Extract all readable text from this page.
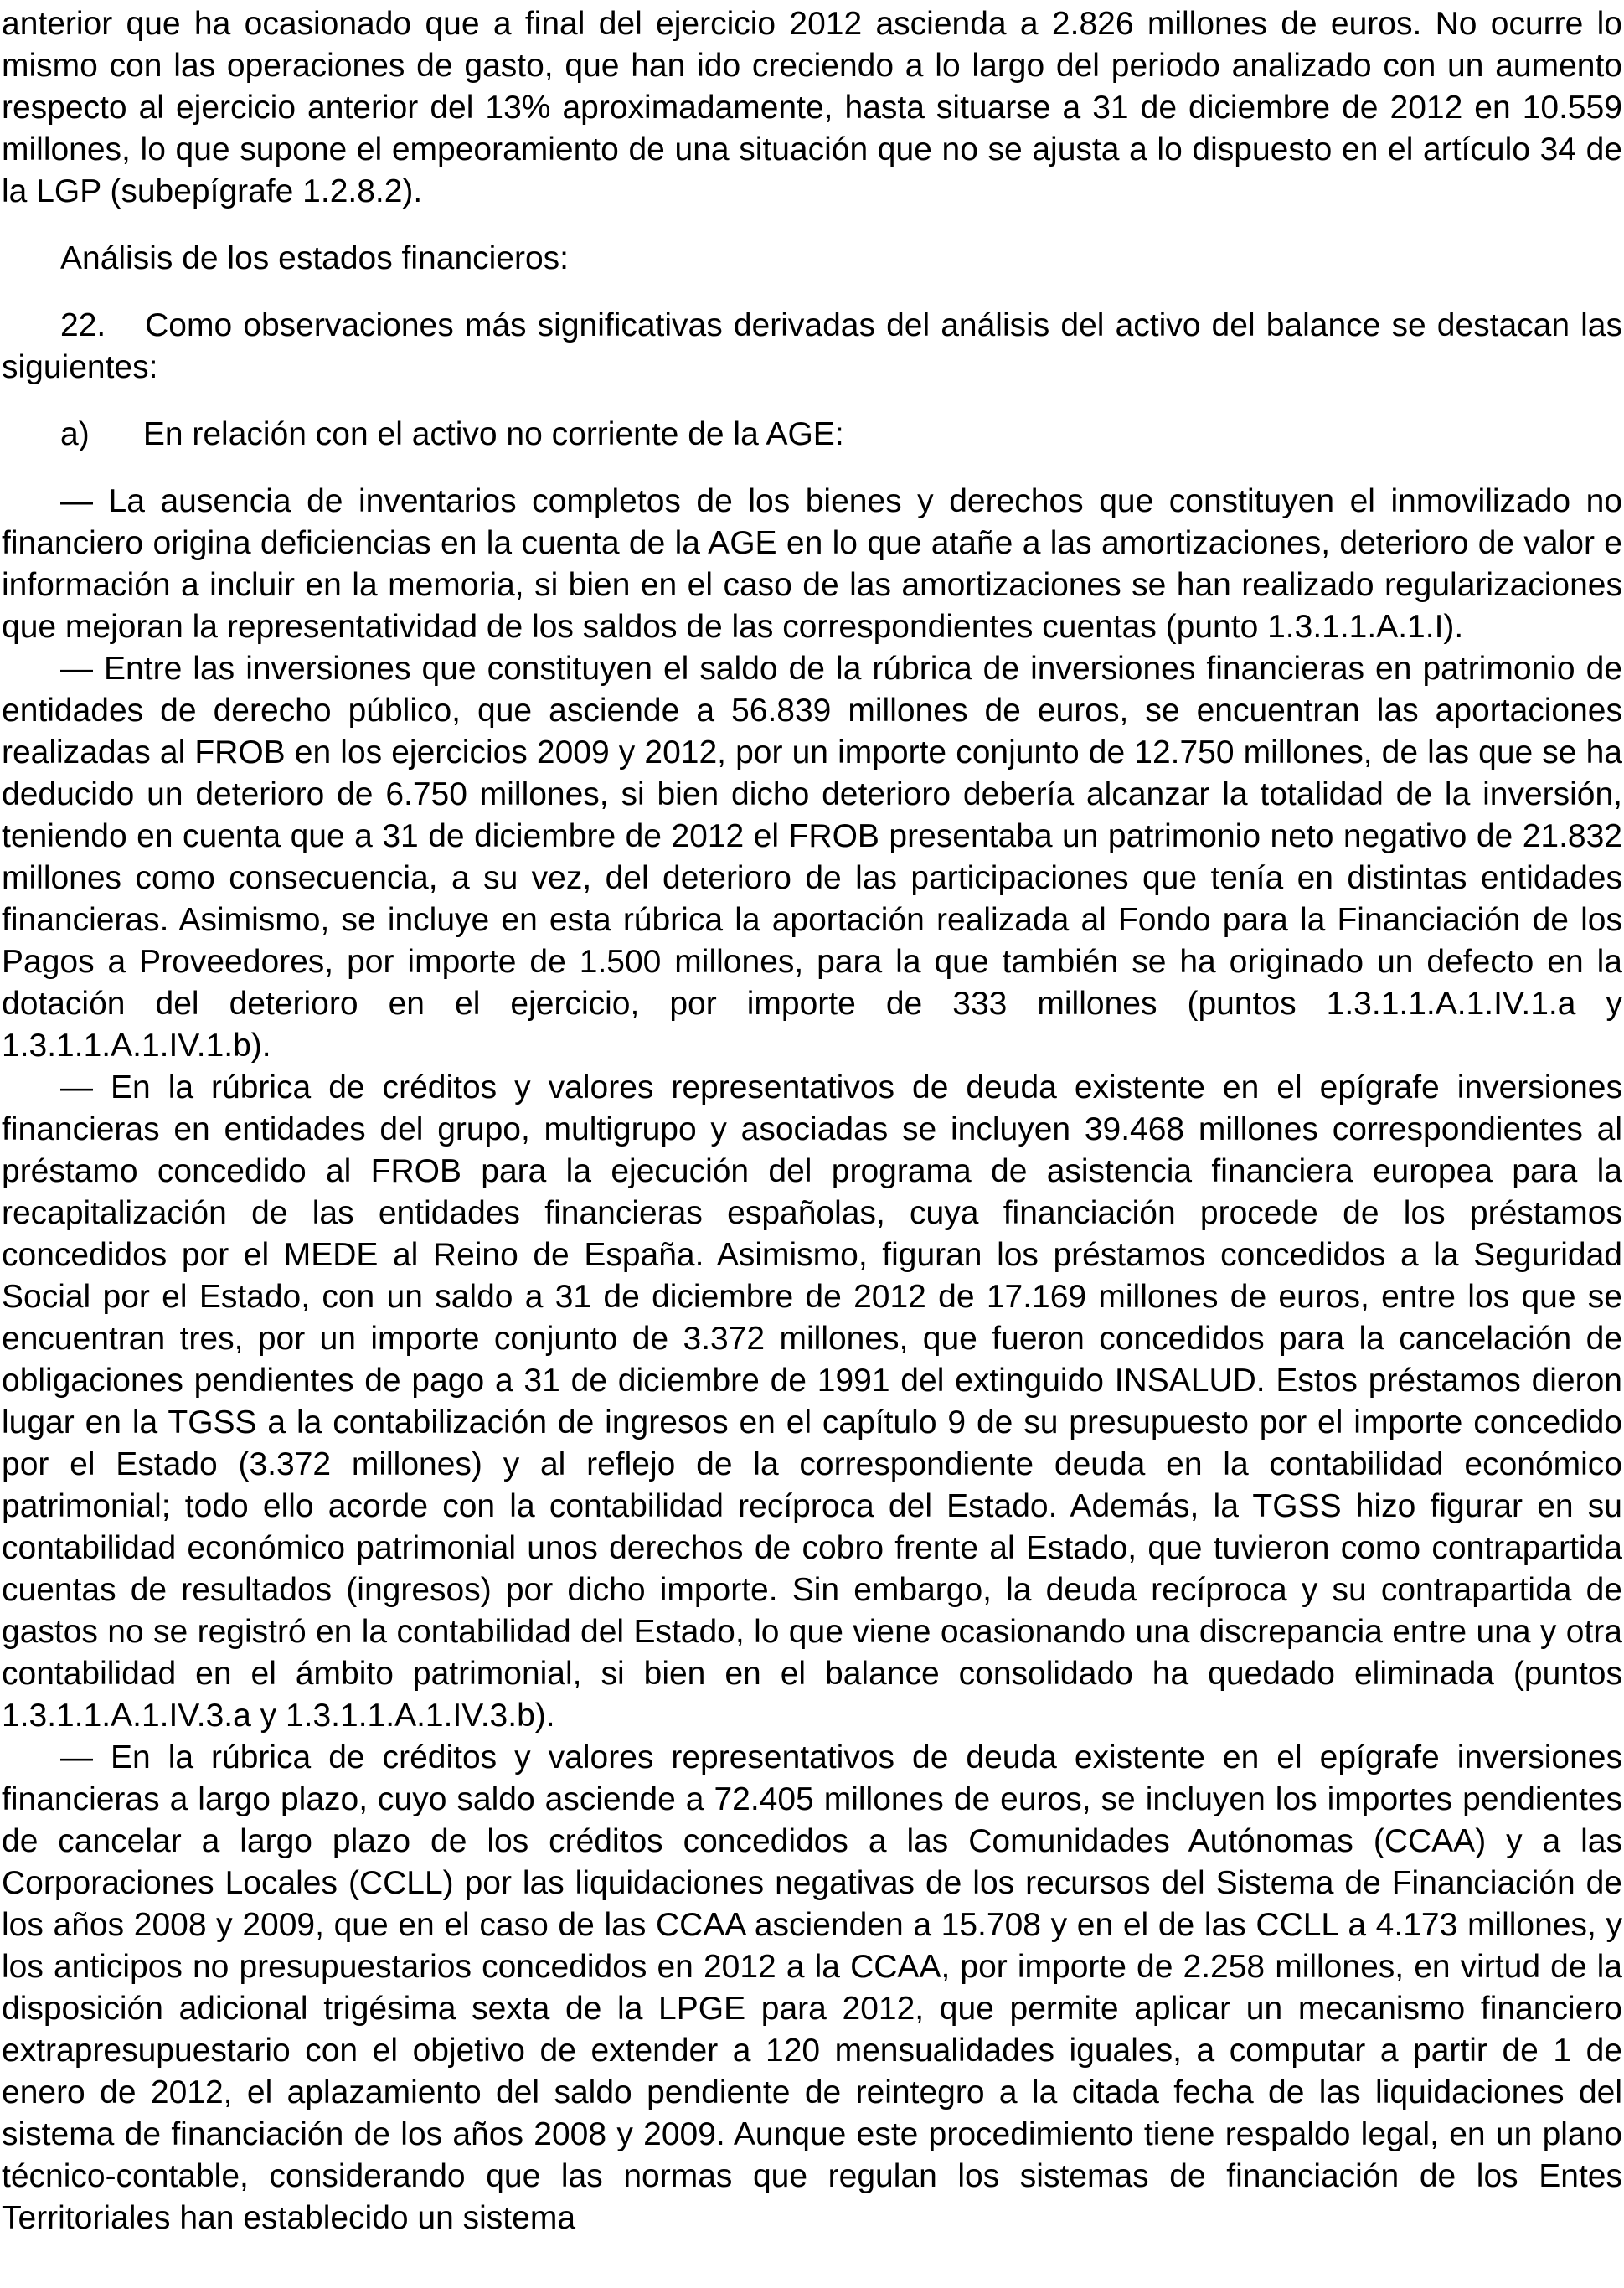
anterior que ha ocasionado que a final del ejercicio 2012 ascienda a 2.826 millones de euros. No ocurre lo mismo con las operaciones de gasto, que han ido creciendo a lo largo del periodo analizado con un aumento respecto al ejercicio anterior del 13% aproximadamente, hasta situarse a 31 de diciembre de 2012 en 10.559 millones, lo que supone el empeoramiento de una situación que no se ajusta a lo dispuesto en el artículo 34 de la LGP (subepígrafe 1.2.8.2).

Análisis de los estados financieros:

22. Como observaciones más significativas derivadas del análisis del activo del balance se destacan las siguientes:

a) En relación con el activo no corriente de la AGE:

— La ausencia de inventarios completos de los bienes y derechos que constituyen el inmovilizado no financiero origina deficiencias en la cuenta de la AGE en lo que atañe a las amortizaciones, deterioro de valor e información a incluir en la memoria, si bien en el caso de las amortizaciones se han realizado regularizaciones que mejoran la representatividad de los saldos de las correspondientes cuentas (punto 1.3.1.1.A.1.I).

— Entre las inversiones que constituyen el saldo de la rúbrica de inversiones financieras en patrimonio de entidades de derecho público, que asciende a 56.839 millones de euros, se encuentran las aportaciones realizadas al FROB en los ejercicios 2009 y 2012, por un importe conjunto de 12.750 millones, de las que se ha deducido un deterioro de 6.750 millones, si bien dicho deterioro debería alcanzar la totalidad de la inversión, teniendo en cuenta que a 31 de diciembre de 2012 el FROB presentaba un patrimonio neto negativo de 21.832 millones como consecuencia, a su vez, del deterioro de las participaciones que tenía en distintas entidades financieras. Asimismo, se incluye en esta rúbrica la aportación realizada al Fondo para la Financiación de los Pagos a Proveedores, por importe de 1.500 millones, para la que también se ha originado un defecto en la dotación del deterioro en el ejercicio, por importe de 333 millones (puntos 1.3.1.1.A.1.IV.1.a y 1.3.1.1.A.1.IV.1.b).

— En la rúbrica de créditos y valores representativos de deuda existente en el epígrafe inversiones financieras en entidades del grupo, multigrupo y asociadas se incluyen 39.468 millones correspondientes al préstamo concedido al FROB para la ejecución del programa de asistencia financiera europea para la recapitalización de las entidades financieras españolas, cuya financiación procede de los préstamos concedidos por el MEDE al Reino de España. Asimismo, figuran los préstamos concedidos a la Seguridad Social por el Estado, con un saldo a 31 de diciembre de 2012 de 17.169 millones de euros, entre los que se encuentran tres, por un importe conjunto de 3.372 millones, que fueron concedidos para la cancelación de obligaciones pendientes de pago a 31 de diciembre de 1991 del extinguido INSALUD. Estos préstamos dieron lugar en la TGSS a la contabilización de ingresos en el capítulo 9 de su presupuesto por el importe concedido por el Estado (3.372 millones) y al reflejo de la correspondiente deuda en la contabilidad económico patrimonial; todo ello acorde con la contabilidad recíproca del Estado. Además, la TGSS hizo figurar en su contabilidad económico patrimonial unos derechos de cobro frente al Estado, que tuvieron como contrapartida cuentas de resultados (ingresos) por dicho importe. Sin embargo, la deuda recíproca y su contrapartida de gastos no se registró en la contabilidad del Estado, lo que viene ocasionando una discrepancia entre una y otra contabilidad en el ámbito patrimonial, si bien en el balance consolidado ha quedado eliminada (puntos 1.3.1.1.A.1.IV.3.a y 1.3.1.1.A.1.IV.3.b).

— En la rúbrica de créditos y valores representativos de deuda existente en el epígrafe inversiones financieras a largo plazo, cuyo saldo asciende a 72.405 millones de euros, se incluyen los importes pendientes de cancelar a largo plazo de los créditos concedidos a las Comunidades Autónomas (CCAA) y a las Corporaciones Locales (CCLL) por las liquidaciones negativas de los recursos del Sistema de Financiación de los años 2008 y 2009, que en el caso de las CCAA ascienden a 15.708 y en el de las CCLL a 4.173 millones, y los anticipos no presupuestarios concedidos en 2012 a la CCAA, por importe de 2.258 millones, en virtud de la disposición adicional trigésima sexta de la LPGE para 2012, que permite aplicar un mecanismo financiero extrapresupuestario con el objetivo de extender a 120 mensualidades iguales, a computar a partir de 1 de enero de 2012, el aplazamiento del saldo pendiente de reintegro a la citada fecha de las liquidaciones del sistema de financiación de los años 2008 y 2009. Aunque este procedimiento tiene respaldo legal, en un plano técnico-contable, considerando que las normas que regulan los sistemas de financiación de los Entes Territoriales han establecido un sistema
